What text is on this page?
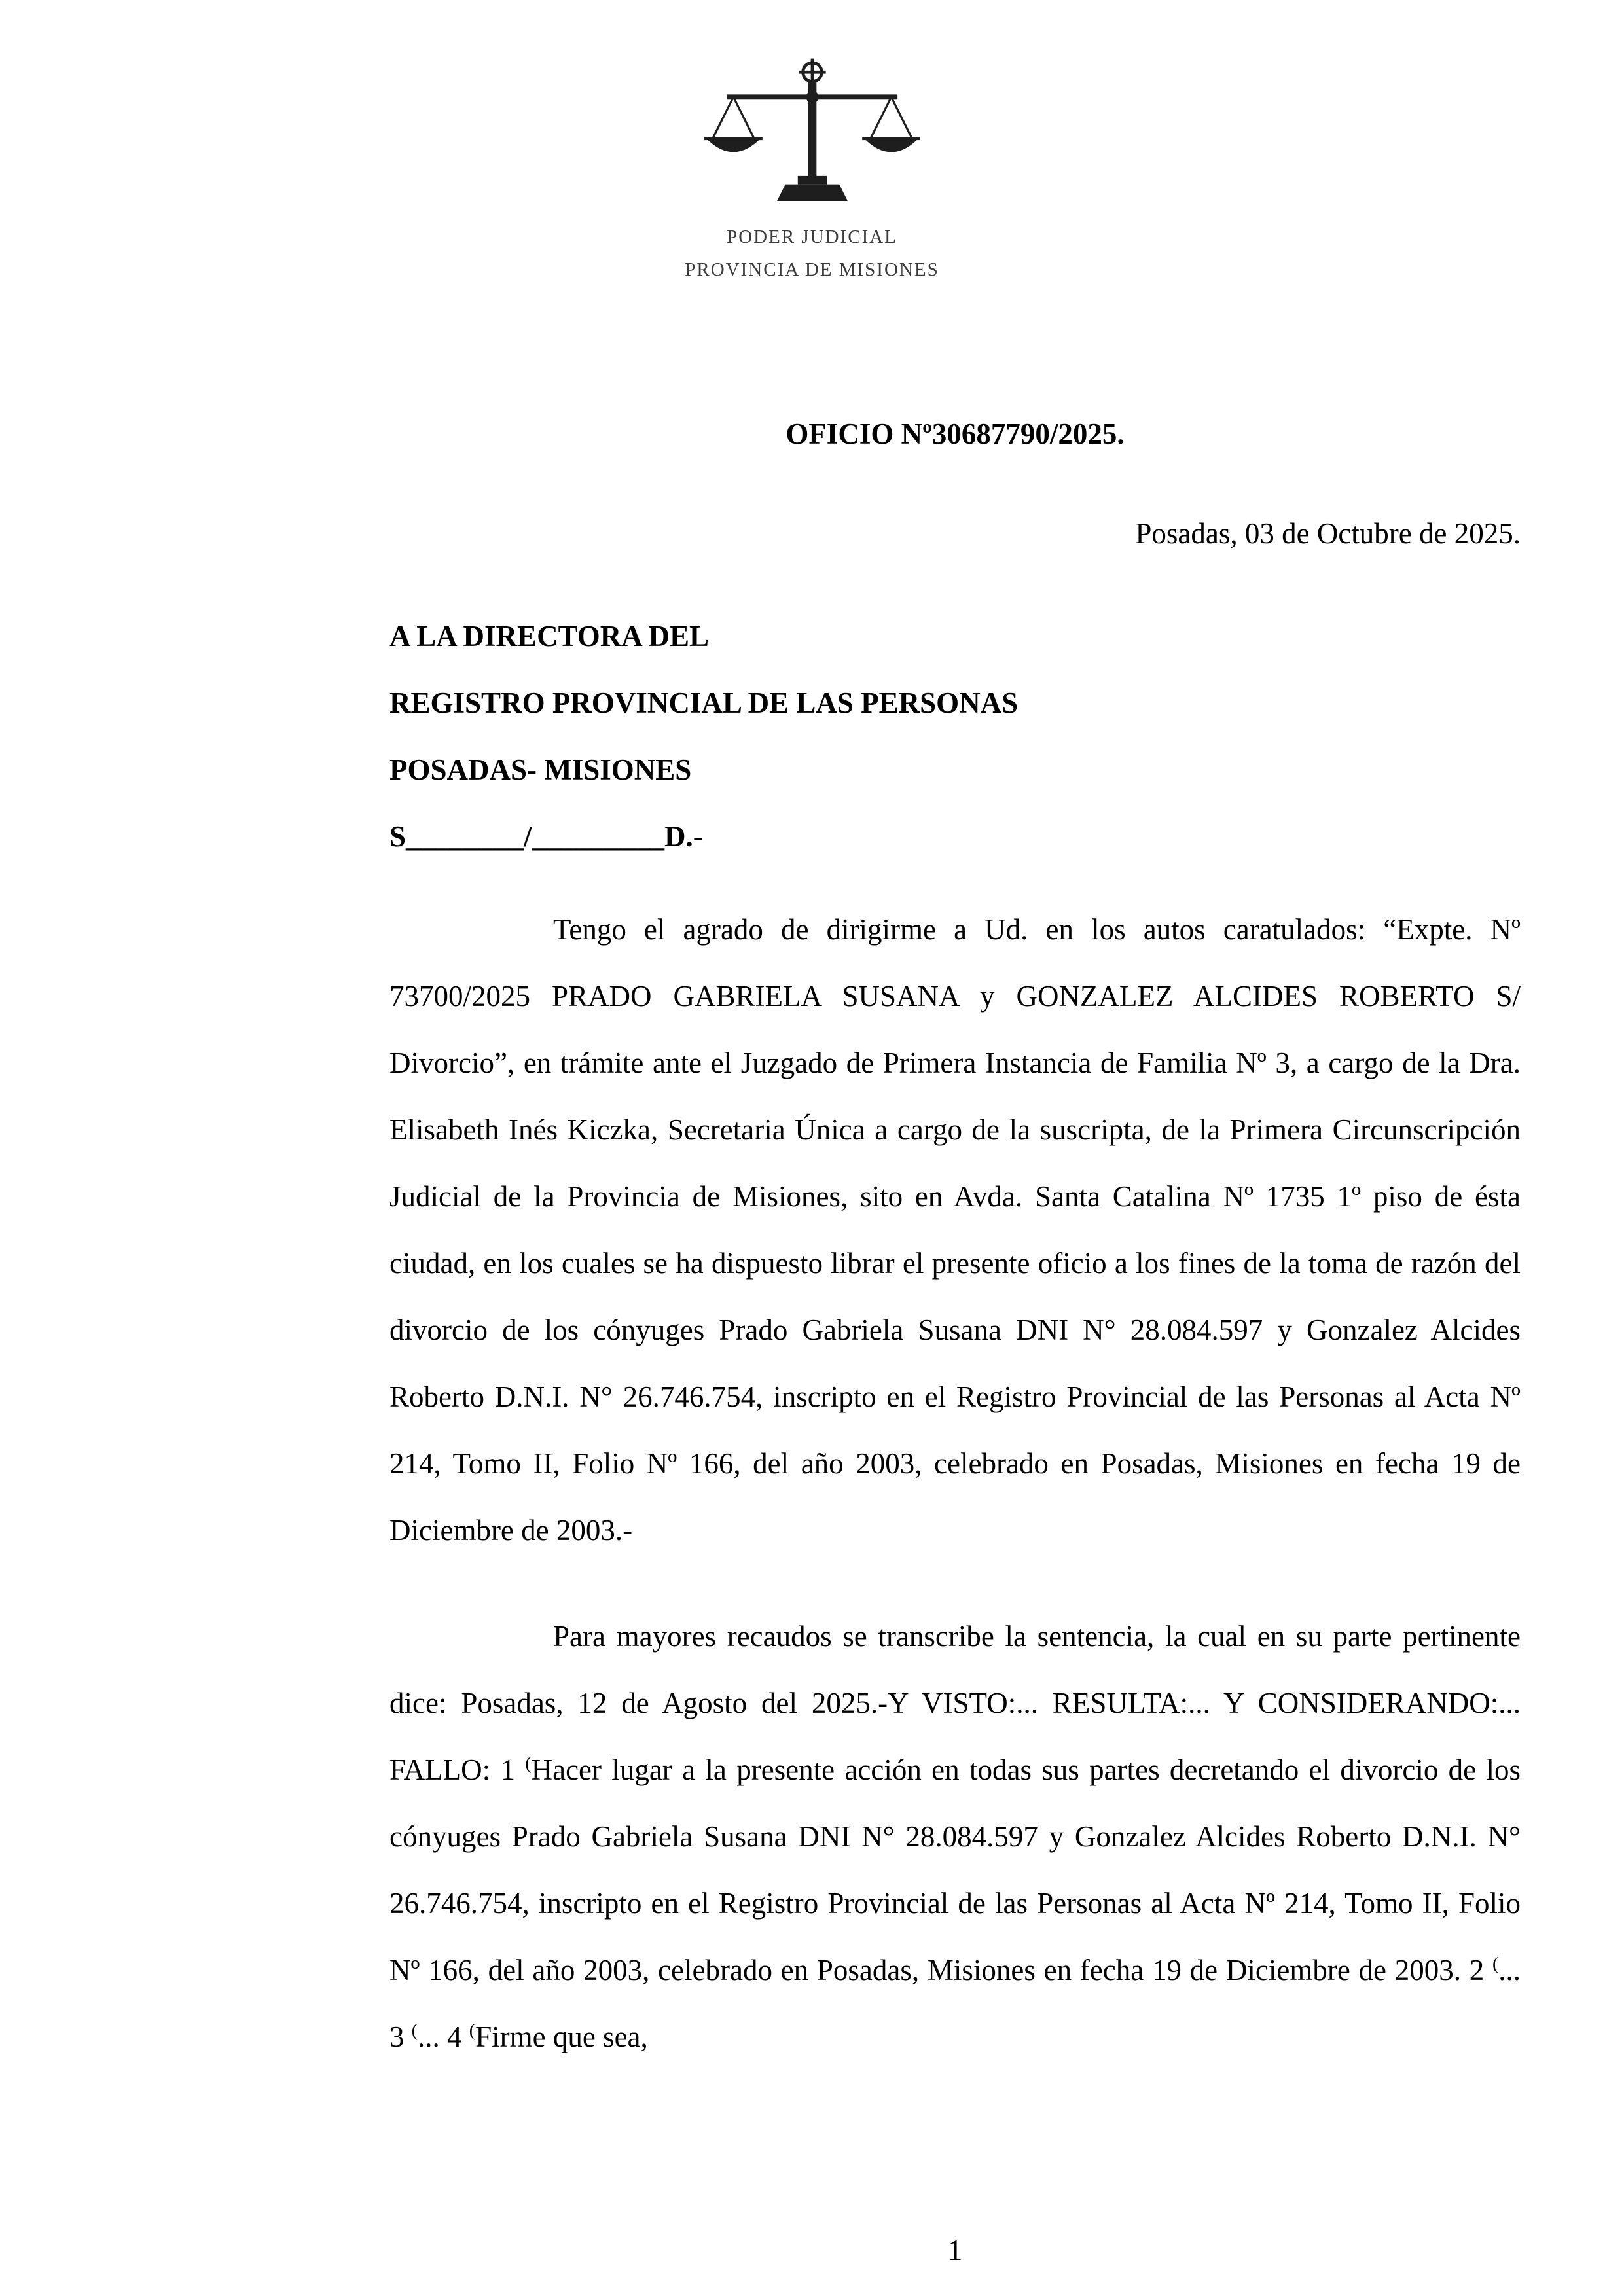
PODER JUDICIAL
PROVINCIA DE MISIONES
OFICIO Nº30687790/2025.
Posadas, 03 de Octubre de 2025.
A LA DIRECTORA DEL
REGISTRO PROVINCIAL DE LAS PERSONAS
POSADAS- MISIONES
S________/_________D.-

Tengo el agrado de dirigirme a Ud. en los autos caratulados: “Expte. Nº 73700/2025 PRADO GABRIELA SUSANA y GONZALEZ ALCIDES ROBERTO S/ Divorcio”, en trámite ante el Juzgado de Primera Instancia de Familia Nº 3, a cargo de la Dra. Elisabeth Inés Kiczka, Secretaria Única a cargo de la suscripta, de la Primera Circunscripción Judicial de la Provincia de Misiones, sito en Avda. Santa Catalina Nº 1735 1º piso de ésta ciudad, en los cuales se ha dispuesto librar el presente oficio a los fines de la toma de razón del divorcio de los cónyuges Prado Gabriela Susana DNI N° 28.084.597 y Gonzalez Alcides Roberto D.N.I. N° 26.746.754, inscripto en el Registro Provincial de las Personas al Acta Nº 214, Tomo II, Folio Nº 166, del año 2003, celebrado en Posadas, Misiones en fecha 19 de Diciembre de 2003.-

Para mayores recaudos se transcribe la sentencia, la cual en su parte pertinente dice: Posadas, 12 de Agosto del 2025.-Y VISTO:... RESULTA:... Y CONSIDERANDO:... FALLO: 1 (Hacer lugar a la presente acción en todas sus partes decretando el divorcio de los cónyuges Prado Gabriela Susana DNI N° 28.084.597 y Gonzalez Alcides Roberto D.N.I. N° 26.746.754, inscripto en el Registro Provincial de las Personas al Acta Nº 214, Tomo II, Folio Nº 166, del año 2003, celebrado en Posadas, Misiones en fecha 19 de Diciembre de 2003. 2 (... 3 (... 4 (Firme que sea,

1
